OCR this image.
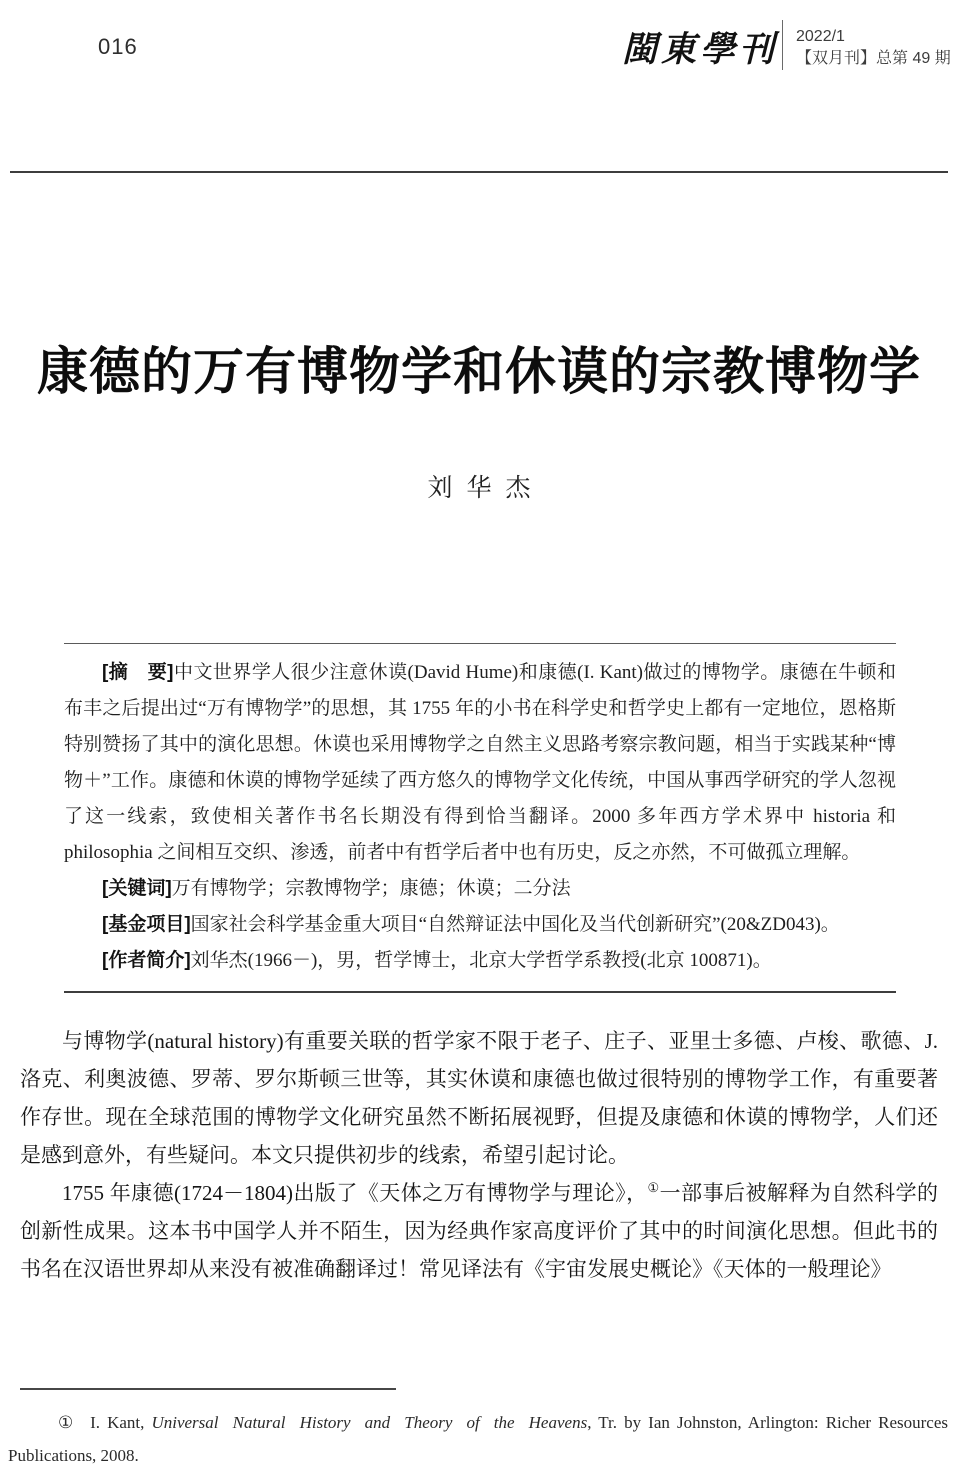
016	閩東學刊 2022/1
【双月刊】总第 49 期
康德的万有博物学和休谟的宗教博物学
刘华杰

[摘　要]中文世界学人很少注意休谟(David Hume)和康德(I. Kant)做过的博物学。康德在牛顿和布丰之后提出过“万有博物学”的思想，其 1755 年的小书在科学史和哲学史上都有一定地位，恩格斯特别赞扬了其中的演化思想。休谟也采用博物学之自然主义思路考察宗教问题，相当于实践某种“博物＋”工作。康德和休谟的博物学延续了西方悠久的博物学文化传统，中国从事西学研究的学人忽视了这一线索，致使相关著作书名长期没有得到恰当翻译。2000 多年西方学术界中 historia 和 philosophia 之间相互交织、渗透，前者中有哲学后者中也有历史，反之亦然，不可做孤立理解。

[关键词]万有博物学；宗教博物学；康德；休谟；二分法

[基金项目]国家社会科学基金重大项目“自然辩证法中国化及当代创新研究”(20&ZD043)。

[作者简介]刘华杰(1966－)，男，哲学博士，北京大学哲学系教授(北京 100871)。

与博物学(natural history)有重要关联的哲学家不限于老子、庄子、亚里士多德、卢梭、歌德、J.洛克、利奥波德、罗蒂、罗尔斯顿三世等，其实休谟和康德也做过很特别的博物学工作，有重要著作存世。现在全球范围的博物学文化研究虽然不断拓展视野，但提及康德和休谟的博物学，人们还是感到意外，有些疑问。本文只提供初步的线索，希望引起讨论。

1755 年康德(1724－1804)出版了《天体之万有博物学与理论》，①一部事后被解释为自然科学的创新性成果。这本书中国学人并不陌生，因为经典作家高度评价了其中的时间演化思想。但此书的书名在汉语世界却从来没有被准确翻译过！常见译法有《宇宙发展史概论》《天体的一般理论》

① I. Kant, Universal Natural History and Theory of the Heavens, Tr. by Ian Johnston, Arlington: Richer Resources Publications, 2008.
